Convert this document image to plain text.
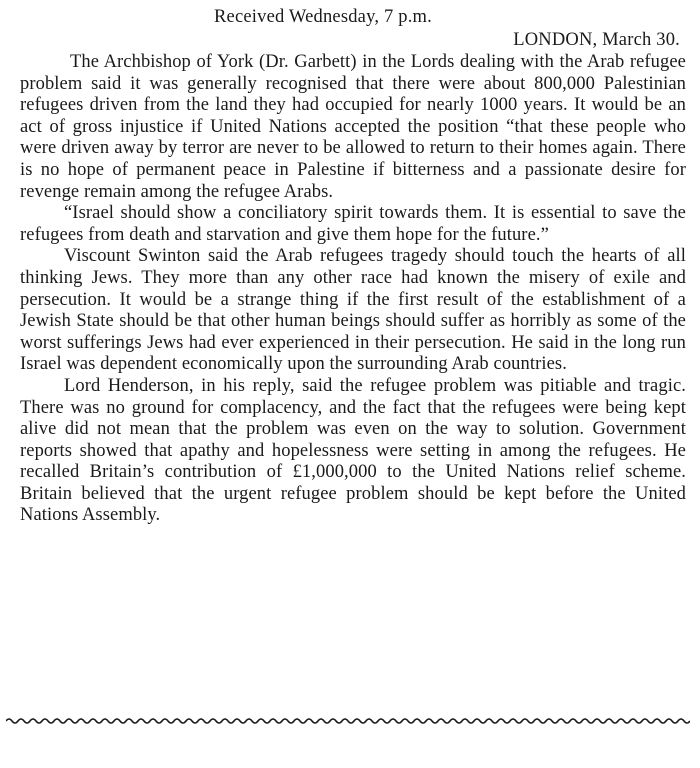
Received Wednesday, 7 p.m.
LONDON, March 30.

The Archbishop of York (Dr. Garbett) in the Lords dealing with the Arab refugee problem said it was generally recognised that there were about 800,000 Palestinian refugees driven from the land they had occupied for nearly 1000 years. It would be an act of gross injustice if United Nations accepted the position “that these people who were driven away by terror are never to be allowed to return to their homes again. There is no hope of permanent peace in Palestine if bitterness and a passionate desire for revenge remain among the refugee Arabs.

“Israel should show a conciliatory spirit towards them. It is essential to save the refugees from death and starvation and give them hope for the future.”

Viscount Swinton said the Arab refugees tragedy should touch the hearts of all thinking Jews. They more than any other race had known the misery of exile and persecution. It would be a strange thing if the first result of the establishment of a Jewish State should be that other human beings should suffer as horribly as some of the worst sufferings Jews had ever experienced in their persecution. He said in the long run Israel was dependent economically upon the surrounding Arab countries.

Lord Henderson, in his reply, said the refugee problem was pitiable and tragic. There was no ground for complacency, and the fact that the refugees were being kept alive did not mean that the problem was even on the way to solution. Government reports showed that apathy and hopelessness were setting in among the refugees. He recalled Britain’s contribution of £1,000,000 to the United Nations relief scheme. Britain believed that the urgent refugee problem should be kept before the United Nations Assembly.
